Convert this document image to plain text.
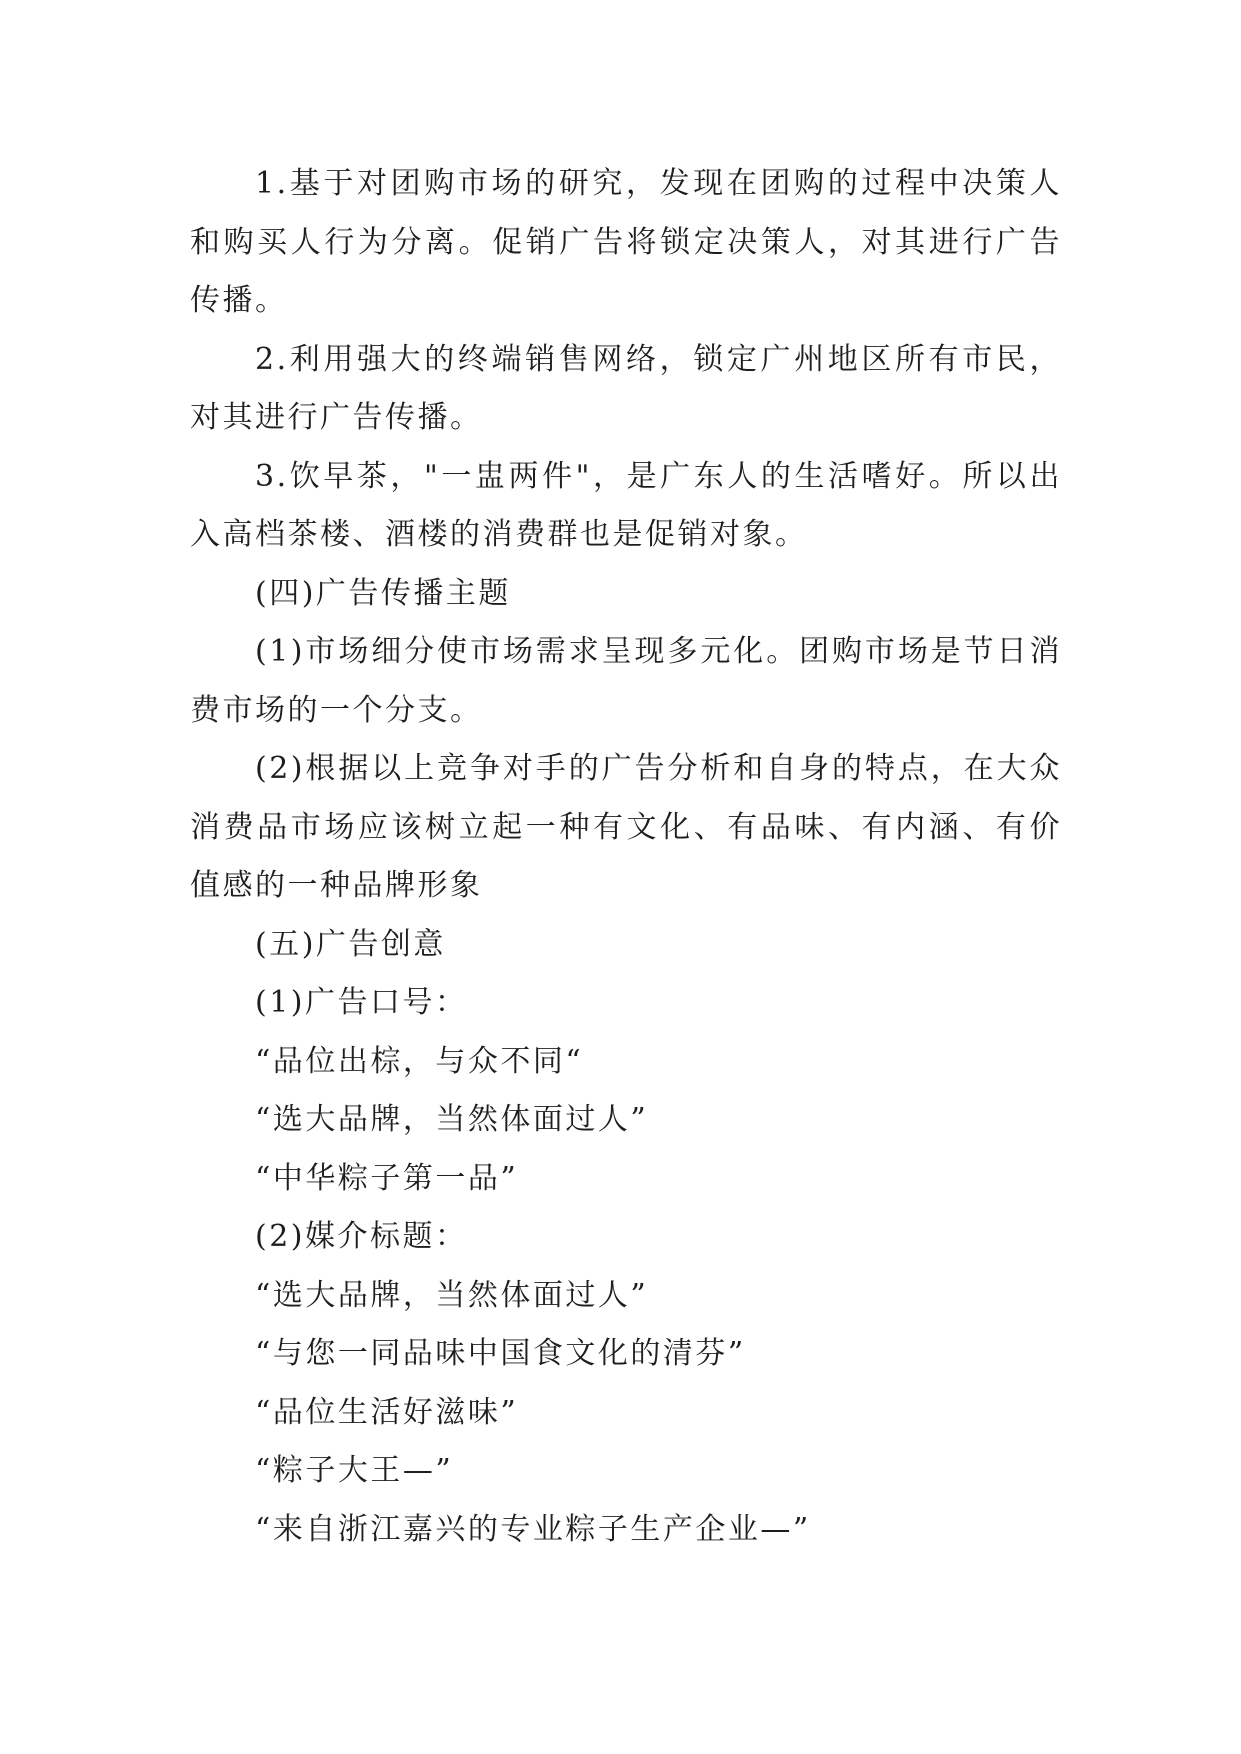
1.基于对团购市场的研究，发现在团购的过程中决策人和购买人行为分离。促销广告将锁定决策人，对其进行广告传播。

2.利用强大的终端销售网络，锁定广州地区所有市民，对其进行广告传播。

3.饮早茶，"一盅两件"，是广东人的生活嗜好。所以出入高档茶楼、酒楼的消费群也是促销对象。

(四)广告传播主题

(1)市场细分使市场需求呈现多元化。团购市场是节日消费市场的一个分支。

(2)根据以上竞争对手的广告分析和自身的特点，在大众消费品市场应该树立起一种有文化、有品味、有内涵、有价值感的一种品牌形象

(五)广告创意

(1)广告口号：

“品位出棕，与众不同“

“选大品牌，当然体面过人”

“中华粽子第一品”

(2)媒介标题：

“选大品牌，当然体面过人”

“与您一同品味中国食文化的清芬”

“品位生活好滋味”

“粽子大王—”

“来自浙江嘉兴的专业粽子生产企业—”
